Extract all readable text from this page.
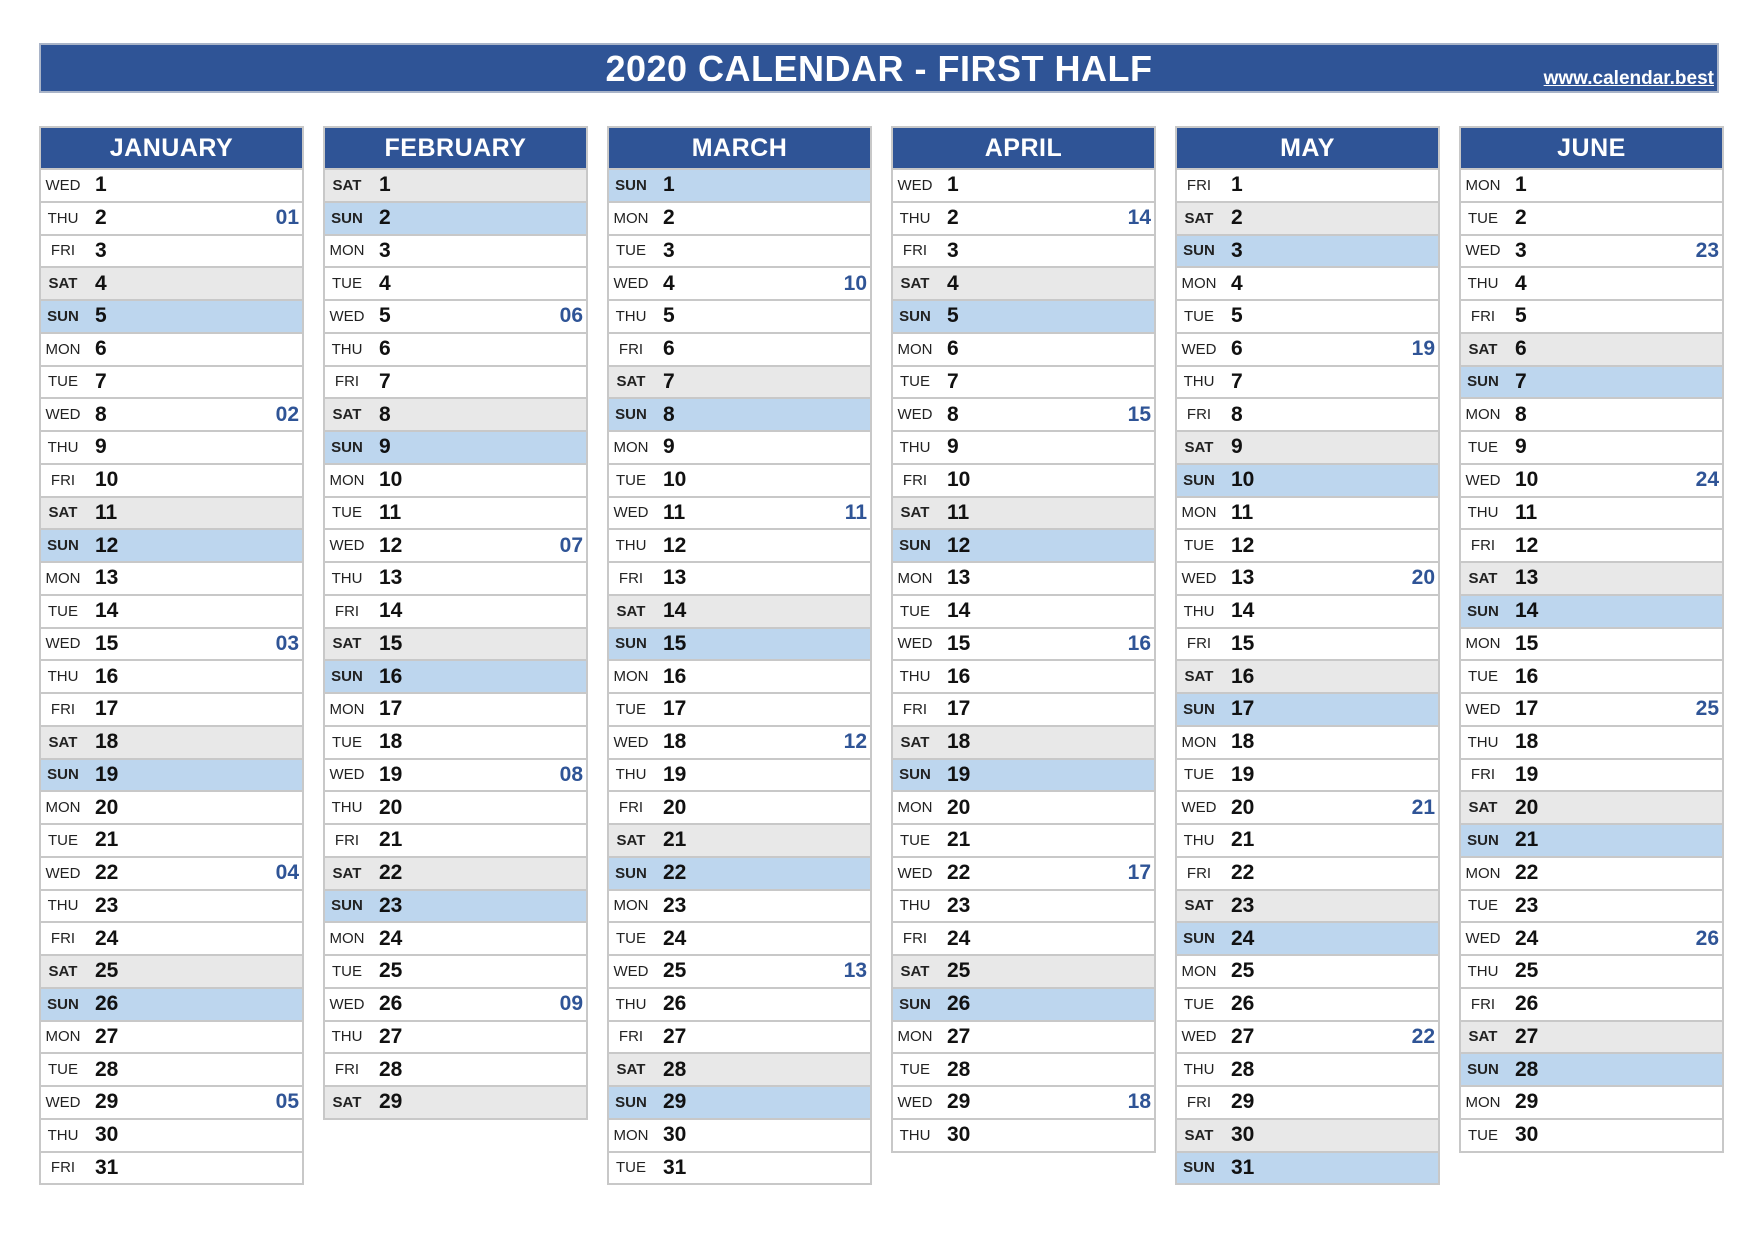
2020 CALENDAR - FIRST HALF	www.calendar.best
JANUARY
WED 1
THU 2	01
FRI 3
SAT 4
SUN 5
MON 6
TUE 7
WED 8	02
THU 9
FRI 10
SAT 11
SUN 12
MON 13
TUE 14
WED 15	03
THU 16
FRI 17
SAT 18
SUN 19
MON 20
TUE 21
WED 22	04
THU 23
FRI 24
SAT 25
SUN 26
MON 27
TUE 28
WED 29	05
THU 30
FRI 31
FEBRUARY
SAT 1
SUN 2
MON 3
TUE 4
WED 5	06
THU 6
FRI 7
SAT 8
SUN 9
MON 10
TUE 11
WED 12	07
THU 13
FRI 14
SAT 15
SUN 16
MON 17
TUE 18
WED 19	08
THU 20
FRI 21
SAT 22
SUN 23
MON 24
TUE 25
WED 26	09
THU 27
FRI 28
SAT 29
MARCH
SUN 1
MON 2
TUE 3
WED 4	10
THU 5
FRI 6
SAT 7
SUN 8
MON 9
TUE 10
WED 11	11
THU 12
FRI 13
SAT 14
SUN 15
MON 16
TUE 17
WED 18	12
THU 19
FRI 20
SAT 21
SUN 22
MON 23
TUE 24
WED 25	13
THU 26
FRI 27
SAT 28
SUN 29
MON 30
TUE 31
APRIL
WED 1
THU 2	14
FRI 3
SAT 4
SUN 5
MON 6
TUE 7
WED 8	15
THU 9
FRI 10
SAT 11
SUN 12
MON 13
TUE 14
WED 15	16
THU 16
FRI 17
SAT 18
SUN 19
MON 20
TUE 21
WED 22	17
THU 23
FRI 24
SAT 25
SUN 26
MON 27
TUE 28
WED 29	18
THU 30
MAY
FRI 1
SAT 2
SUN 3
MON 4
TUE 5
WED 6	19
THU 7
FRI 8
SAT 9
SUN 10
MON 11
TUE 12
WED 13	20
THU 14
FRI 15
SAT 16
SUN 17
MON 18
TUE 19
WED 20	21
THU 21
FRI 22
SAT 23
SUN 24
MON 25
TUE 26
WED 27	22
THU 28
FRI 29
SAT 30
SUN 31
JUNE
MON 1
TUE 2
WED 3	23
THU 4
FRI 5
SAT 6
SUN 7
MON 8
TUE 9
WED 10	24
THU 11
FRI 12
SAT 13
SUN 14
MON 15
TUE 16
WED 17	25
THU 18
FRI 19
SAT 20
SUN 21
MON 22
TUE 23
WED 24	26
THU 25
FRI 26
SAT 27
SUN 28
MON 29
TUE 30
